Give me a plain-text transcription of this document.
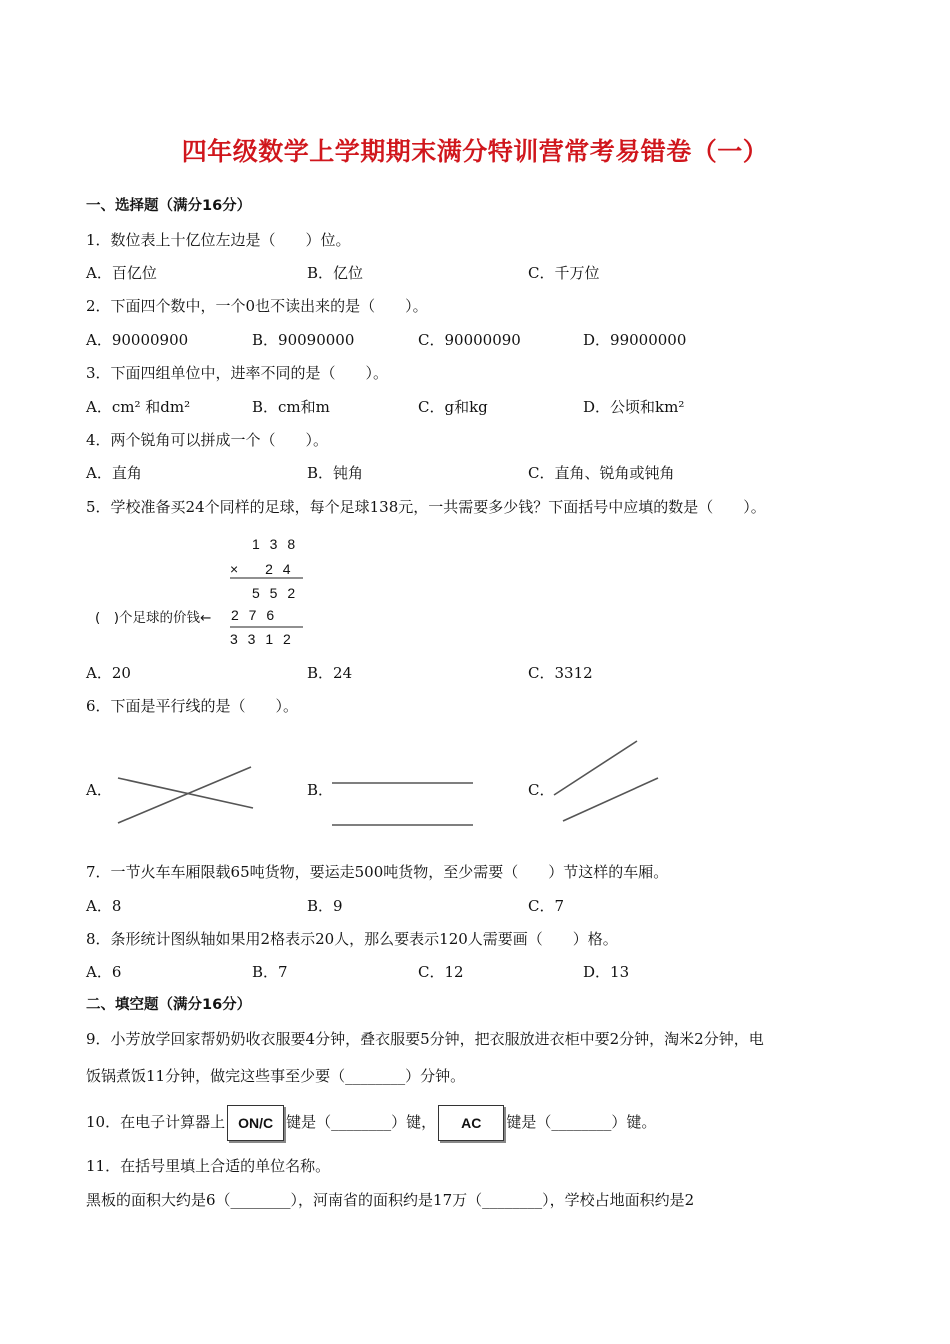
四年级数学上学期期末满分特训营常考易错卷（一）
一、选择题（满分16分）
1．数位表上十亿位左边是（　　）位。
A．百亿位	B．亿位	C．千万位
2．下面四个数中，一个0也不读出来的是（　　）。
A．90000900	B．90090000	C．90000090	D．99000000
3．下面四组单位中，进率不同的是（　　）。
A．cm² 和dm²	B．cm和m	C．g和kg	D．公顷和km²
4．两个锐角可以拼成一个（　　）。
A．直角	B．钝角	C．直角、锐角或钝角
5．学校准备买24个同样的足球，每个足球138元，一共需要多少钱？下面括号中应填的数是（　　）。
1 3 8
×　 2 4
5 5 2
2 7 6
3 3 1 2
(　)个足球的价钱←
A．20	B．24	C．3312
6．下面是平行线的是（　　）。
A．	B．	C．
7．一节火车车厢限载65吨货物，要运走500吨货物，至少需要（　　）节这样的车厢。
A．8	B．9	C．7
8．条形统计图纵轴如果用2格表示20人，那么要表示120人需要画（　　）格。
A．6	B．7	C．12	D．13
二、填空题（满分16分）
9．小芳放学回家帮奶奶收衣服要4分钟，叠衣服要5分钟，把衣服放进衣柜中要2分钟，淘米2分钟，电
饭锅煮饭11分钟，做完这些事至少要（________）分钟。
10．在电子计算器上 ON/C 键是（________）键， AC 键是（________）键。
11．在括号里填上合适的单位名称。
黑板的面积大约是6（________），河南省的面积约是17万（________），学校占地面积约是2
